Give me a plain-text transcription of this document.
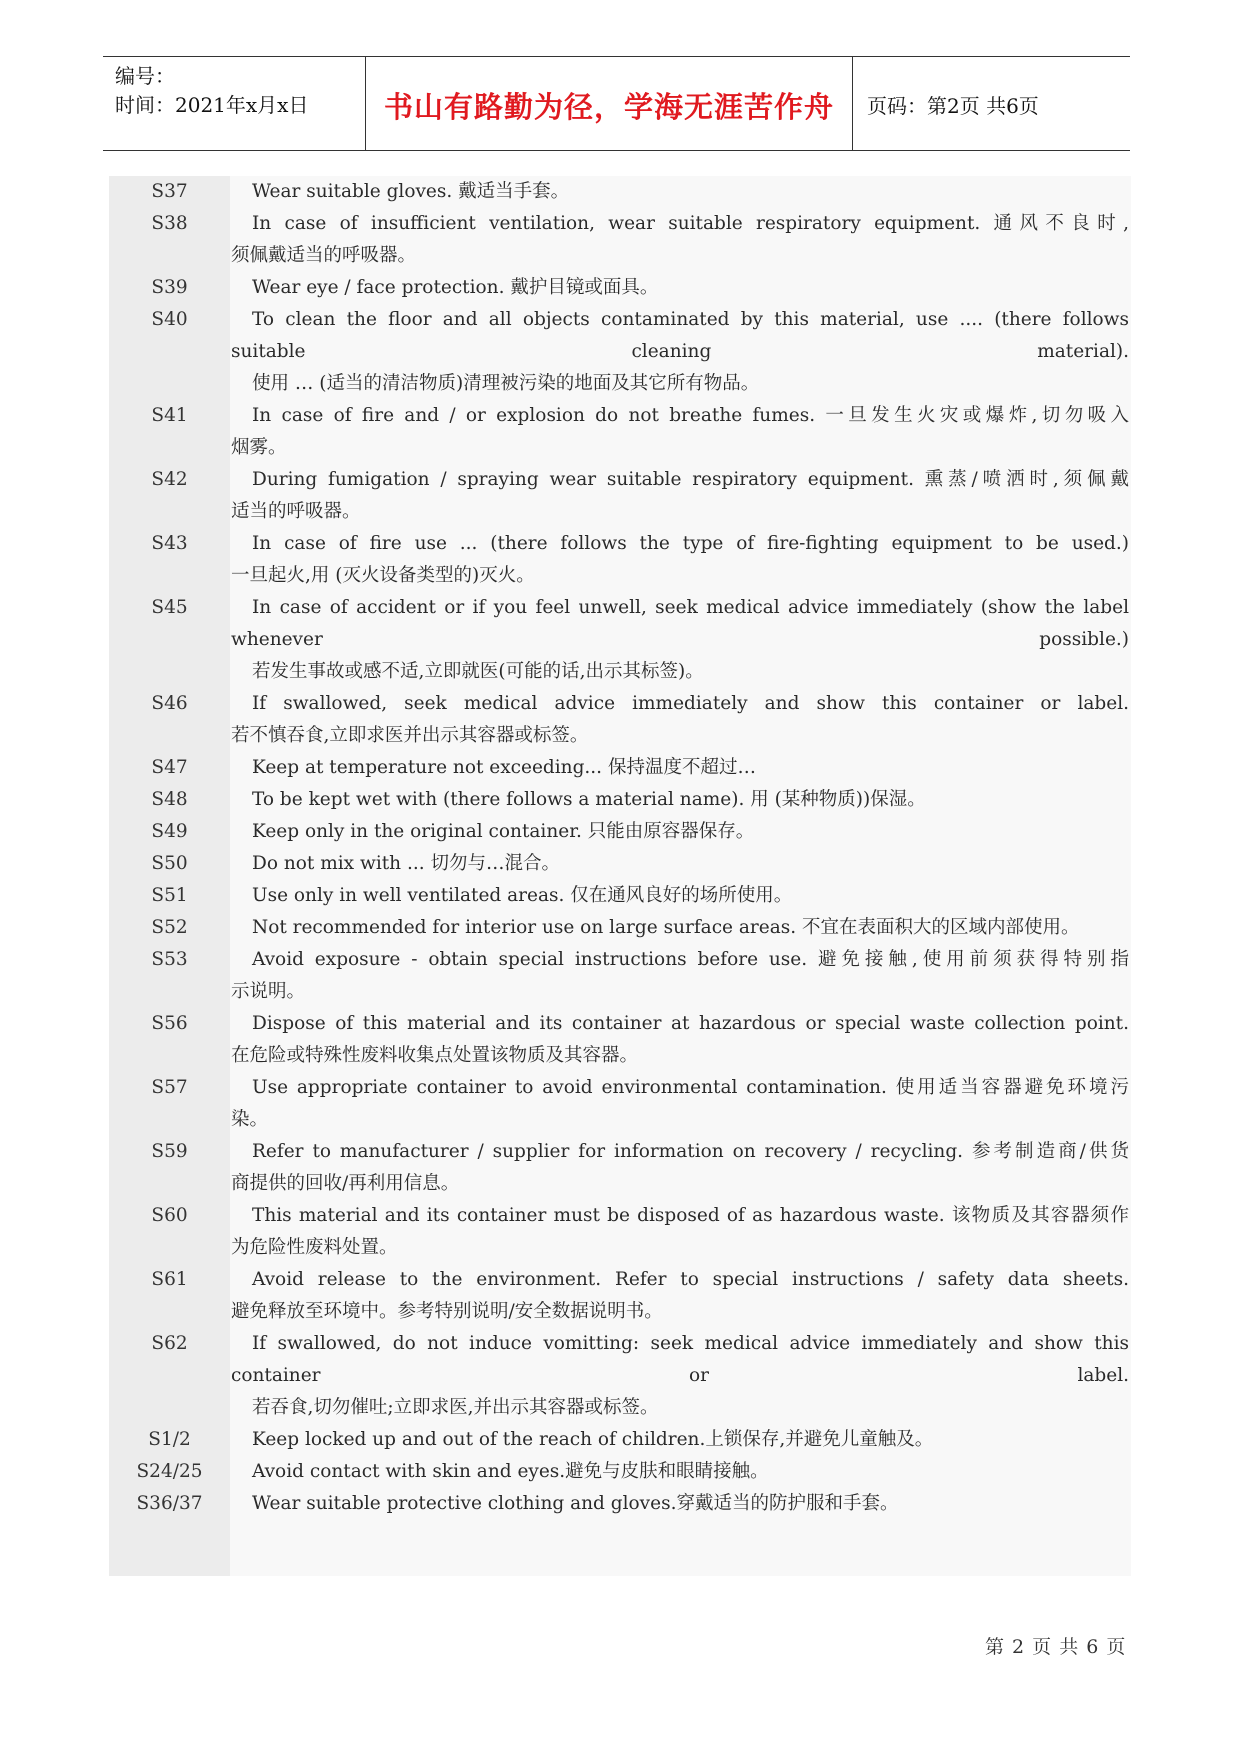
编号：
时间：2021年x月x日	书山有路勤为径，学海无涯苦作舟	页码：第2页 共6页
S37	Wear suitable gloves. 戴适当手套。
S38	In case of insufficient ventilation, wear suitable respiratory equipment. 通风不良时,
须佩戴适当的呼吸器。
S39	Wear eye / face protection. 戴护目镜或面具。
S40	To clean the floor and all objects contaminated by this material, use .... (there follows
suitable cleaning material).
使用 … (适当的清洁物质)清理被污染的地面及其它所有物品。
S41	In case of fire and / or explosion do not breathe fumes. 一旦发生火灾或爆炸,切勿吸入
烟雾。
S42	During fumigation / spraying wear suitable respiratory equipment. 熏蒸/喷洒时,须佩戴
适当的呼吸器。
S43	In case of fire use ... (there follows the type of fire-fighting equipment to be used.)
一旦起火,用 (灭火设备类型的)灭火。
S45	In case of accident or if you feel unwell, seek medical advice immediately (show the label
whenever possible.)
若发生事故或感不适,立即就医(可能的话,出示其标签)。
S46	If swallowed, seek medical advice immediately and show this container or label.
若不慎吞食,立即求医并出示其容器或标签。
S47	Keep at temperature not exceeding... 保持温度不超过…
S48	To be kept wet with (there follows a material name). 用 (某种物质))保湿。
S49	Keep only in the original container. 只能由原容器保存。
S50	Do not mix with ... 切勿与…混合。
S51	Use only in well ventilated areas. 仅在通风良好的场所使用。
S52	Not recommended for interior use on large surface areas. 不宜在表面积大的区域内部使用。
S53	Avoid exposure - obtain special instructions before use. 避免接触,使用前须获得特别指
示说明。
S56	Dispose of this material and its container at hazardous or special waste collection point.
在危险或特殊性废料收集点处置该物质及其容器。
S57	Use appropriate container to avoid environmental contamination. 使用适当容器避免环境污
染。
S59	Refer to manufacturer / supplier for information on recovery / recycling. 参考制造商/供货
商提供的回收/再利用信息。
S60	This material and its container must be disposed of as hazardous waste. 该物质及其容器须作
为危险性废料处置。
S61	Avoid release to the environment. Refer to special instructions / safety data sheets.
避免释放至环境中。参考特别说明/安全数据说明书。
S62	If swallowed, do not induce vomitting: seek medical advice immediately and show this
container or label.
若吞食,切勿催吐;立即求医,并出示其容器或标签。
S1/2	Keep locked up and out of the reach of children.上锁保存,并避免儿童触及。
S24/25	Avoid contact with skin and eyes.避免与皮肤和眼睛接触。
S36/37	Wear suitable protective clothing and gloves.穿戴适当的防护服和手套。
第 2 页 共 6 页
